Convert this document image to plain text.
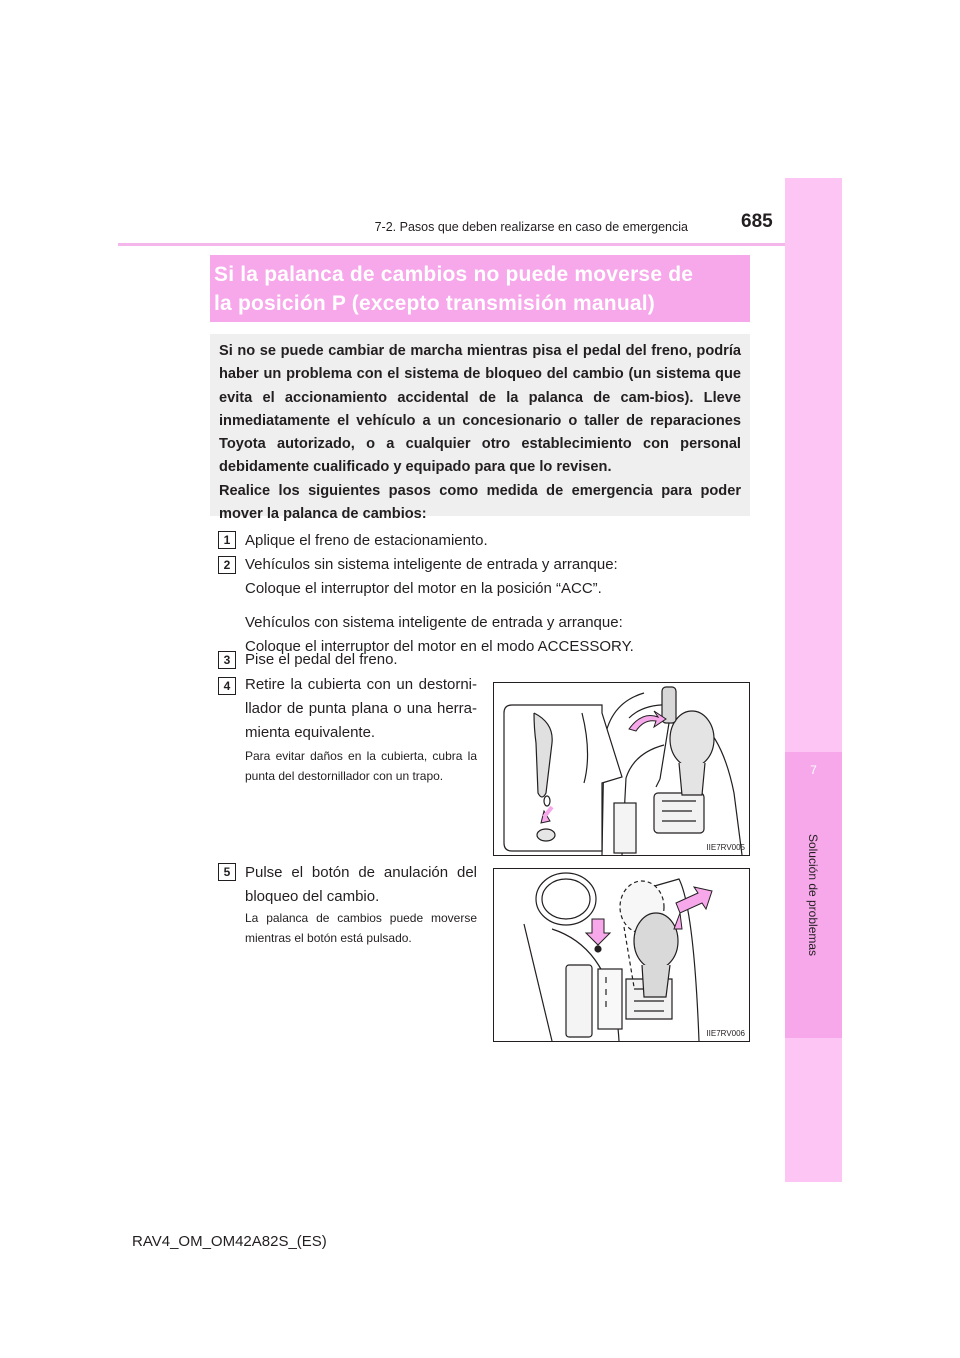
7
Solución de problemas
7-2. Pasos que deben realizarse en caso de emergencia	685
Si la palanca de cambios no puede moverse de
la posición P (excepto transmisión manual)

Si no se puede cambiar de marcha mientras pisa el pedal del freno, podría haber un problema con el sistema de bloqueo del cambio (un sistema que evita el accionamiento accidental de la palanca de cam-bios). Lleve inmediatamente el vehículo a un concesionario o taller de reparaciones Toyota autorizado, o a cualquier otro establecimiento con personal debidamente cualificado y equipado para que lo revisen.

Realice los siguientes pasos como medida de emergencia para poder mover la palanca de cambios:

1 Aplique el freno de estacionamiento.
2 Vehículos sin sistema inteligente de entrada y arranque:
Coloque el interruptor del motor en la posición “ACC”.
Vehículos con sistema inteligente de entrada y arranque:
Coloque el interruptor del motor en el modo ACCESSORY.
3 Pise el pedal del freno.
4 Retire la cubierta con un destorni-llador de punta plana o una herra-mienta equivalente.
Para evitar daños en la cubierta, cubra la punta del destornillador con un trapo.
IIE7RV005
5 Pulse el botón de anulación del bloqueo del cambio.
La palanca de cambios puede moverse mientras el botón está pulsado.
IIE7RV006
RAV4_OM_OM42A82S_(ES)
